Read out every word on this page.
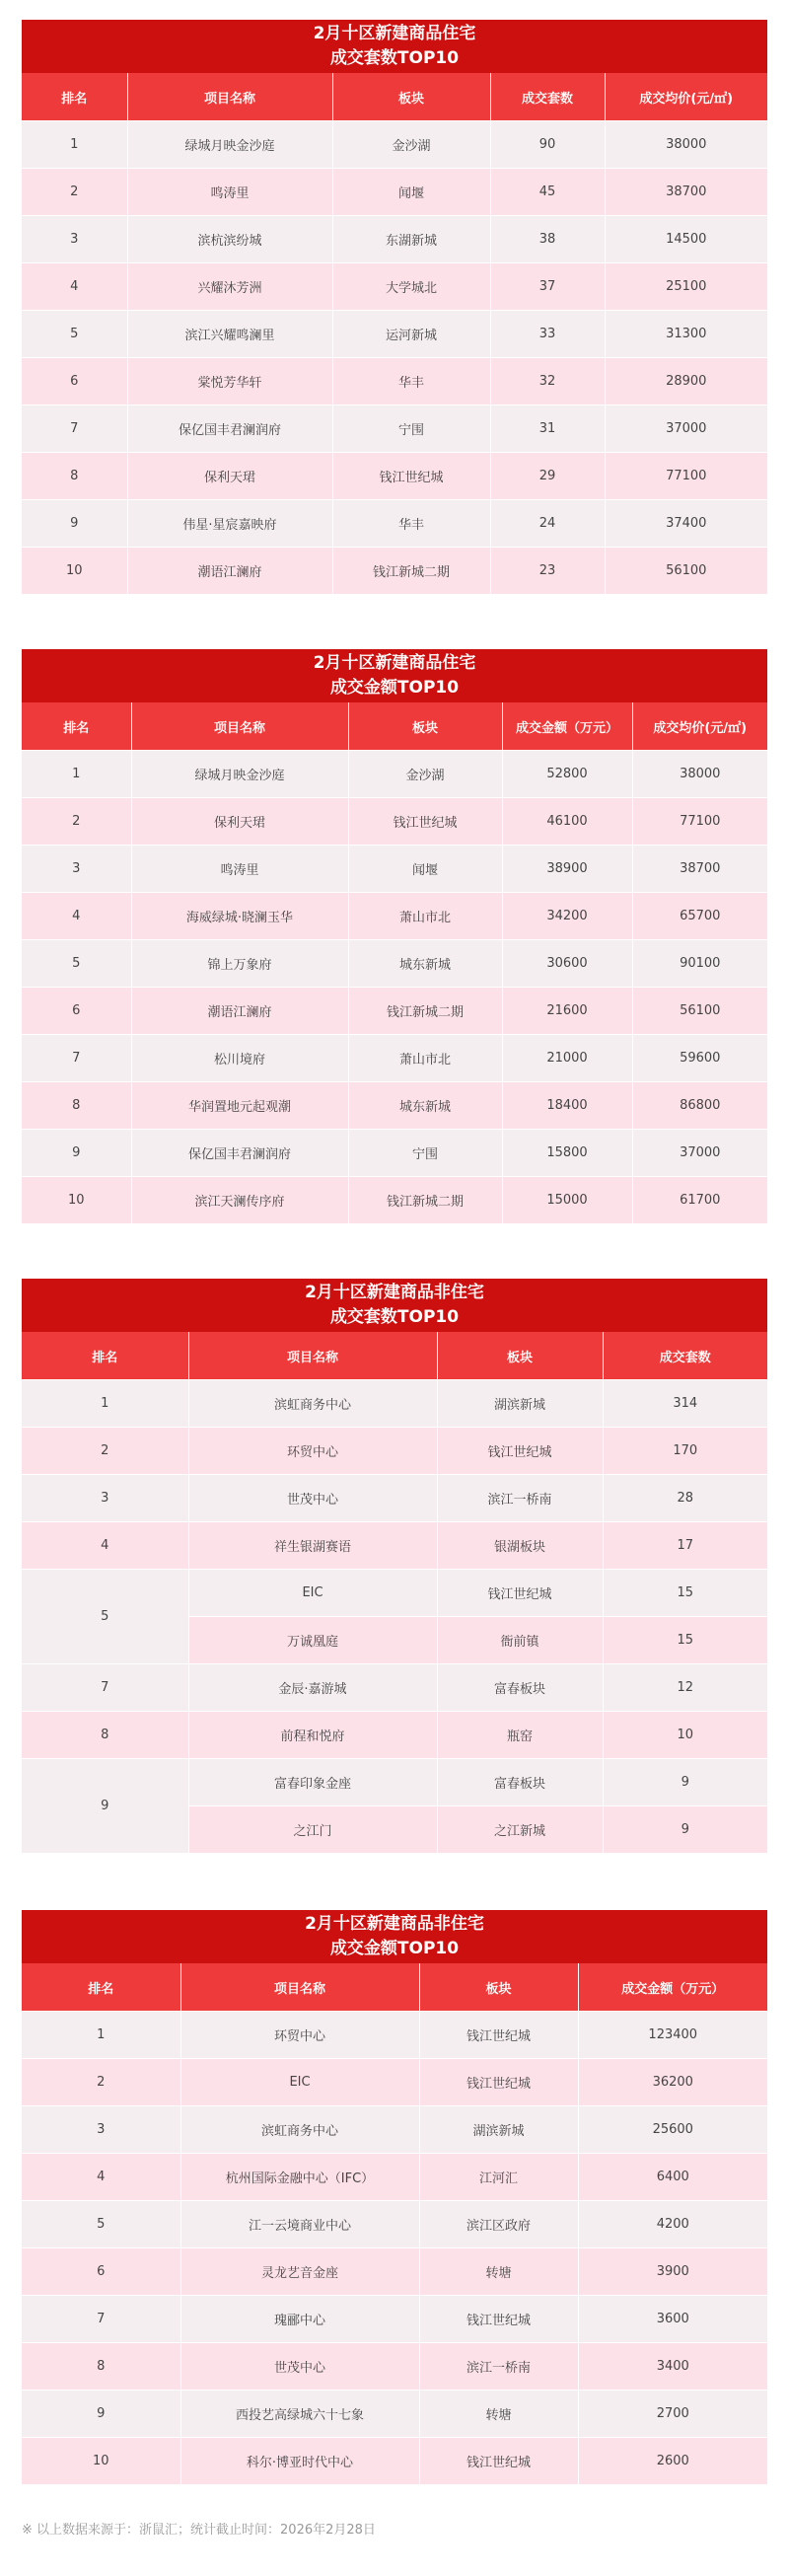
2月十区新建商品住宅
成交套数TOP10
排名	项目名称	板块	成交套数	成交均价(元/㎡)
1	绿城月映金沙庭	金沙湖	90	38000
2	鸣涛里	闻堰	45	38700
3	滨杭滨纷城	东湖新城	38	14500
4	兴耀沐芳洲	大学城北	37	25100
5	滨江兴耀鸣澜里	运河新城	33	31300
6	棠悦芳华轩	华丰	32	28900
7	保亿国丰君澜润府	宁围	31	37000
8	保利天珺	钱江世纪城	29	77100
9	伟星·星宸嘉映府	华丰	24	37400
10	潮语江澜府	钱江新城二期	23	56100
2月十区新建商品住宅
成交金额TOP10
排名	项目名称	板块	成交金额（万元）	成交均价(元/㎡)
1	绿城月映金沙庭	金沙湖	52800	38000
2	保利天珺	钱江世纪城	46100	77100
3	鸣涛里	闻堰	38900	38700
4	海威绿城·晓澜玉华	萧山市北	34200	65700
5	锦上万象府	城东新城	30600	90100
6	潮语江澜府	钱江新城二期	21600	56100
7	松川境府	萧山市北	21000	59600
8	华润置地元起观潮	城东新城	18400	86800
9	保亿国丰君澜润府	宁围	15800	37000
10	滨江天澜传序府	钱江新城二期	15000	61700
2月十区新建商品非住宅
成交套数TOP10
排名	项目名称	板块	成交套数
1	滨虹商务中心	湖滨新城	314
2	环贸中心	钱江世纪城	170
3	世茂中心	滨江一桥南	28
4	祥生银湖赛语	银湖板块	17
5	EIC	钱江世纪城	15
	万诚凰庭	衙前镇	15
7	金辰·嘉游城	富春板块	12
8	前程和悦府	瓶窑	10
9	富春印象金座	富春板块	9
	之江门	之江新城	9
2月十区新建商品非住宅
成交金额TOP10
排名	项目名称	板块	成交金额（万元）
1	环贸中心	钱江世纪城	123400
2	EIC	钱江世纪城	36200
3	滨虹商务中心	湖滨新城	25600
4	杭州国际金融中心（IFC）	江河汇	6400
5	江一云境商业中心	滨江区政府	4200
6	灵龙艺音金座	转塘	3900
7	瑰郦中心	钱江世纪城	3600
8	世茂中心	滨江一桥南	3400
9	西投艺高绿城六十七象	转塘	2700
10	科尔·博亚时代中心	钱江世纪城	2600
※ 以上数据来源于：浙鼠汇；统计截止时间：2026年2月28日
